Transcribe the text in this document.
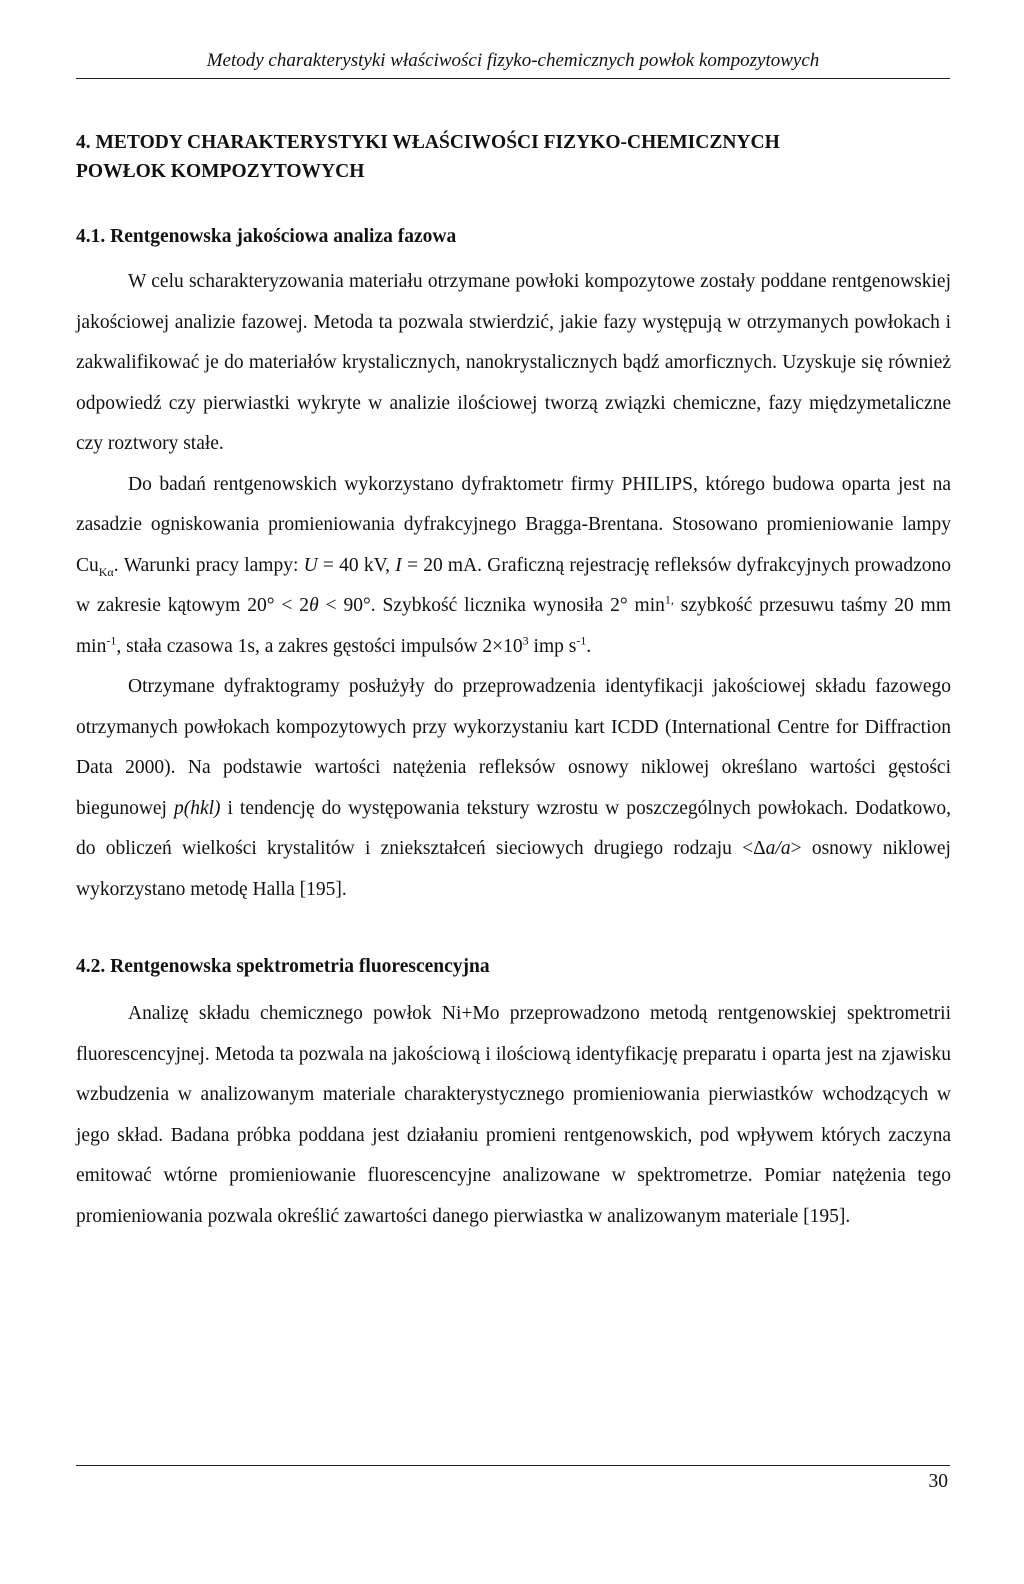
Metody charakterystyki właściwości fizyko-chemicznych powłok kompozytowych
4. METODY CHARAKTERYSTYKI WŁAŚCIWOŚCI FIZYKO-CHEMICZNYCH
POWŁOK KOMPOZYTOWYCH
4.1. Rentgenowska jakościowa analiza fazowa

W celu scharakteryzowania materiału otrzymane powłoki kompozytowe zostały poddane rentgenowskiej jakościowej analizie fazowej. Metoda ta pozwala stwierdzić, jakie fazy występują w otrzymanych powłokach i zakwalifikować je do materiałów krystalicznych, nanokrystalicznych bądź amorficznych. Uzyskuje się również odpowiedź czy pierwiastki wykryte w analizie ilościowej tworzą związki chemiczne, fazy międzymetaliczne czy roztwory stałe.

Do badań rentgenowskich wykorzystano dyfraktometr firmy PHILIPS, którego budowa oparta jest na zasadzie ogniskowania promieniowania dyfrakcyjnego Bragga-Brentana. Stosowano promieniowanie lampy $Cu_{K\alpha}$. Warunki pracy lampy: U = 40 kV, I = 20 mA. Graficzną rejestrację refleksów dyfrakcyjnych prowadzono w zakresie kątowym 20° < 2θ < 90°. Szybkość licznika wynosiła 2° $\min^{1,}$ szybkość przesuwu taśmy 20 mm $\min^{-1}$, stała czasowa 1s, a zakres gęstości impulsów $2\times 10^3$ imp $s^{-1}$.

Otrzymane dyfraktogramy posłużyły do przeprowadzenia identyfikacji jakościowej składu fazowego otrzymanych powłokach kompozytowych przy wykorzystaniu kart ICDD (International Centre for Diffraction Data 2000). Na podstawie wartości natężenia refleksów osnowy niklowej określano wartości gęstości biegunowej p(hkl) i tendencję do występowania tekstury wzrostu w poszczególnych powłokach. Dodatkowo, do obliczeń wielkości krystalitów i zniekształceń sieciowych drugiego rodzaju <Δa/a> osnowy niklowej wykorzystano metodę Halla [195].

4.2. Rentgenowska spektrometria fluorescencyjna

Analizę składu chemicznego powłok Ni+Mo przeprowadzono metodą rentgenowskiej spektrometrii fluorescencyjnej. Metoda ta pozwala na jakościową i ilościową identyfikację preparatu i oparta jest na zjawisku wzbudzenia w analizowanym materiale charakterystycznego promieniowania pierwiastków wchodzących w jego skład. Badana próbka poddana jest działaniu promieni rentgenowskich, pod wpływem których zaczyna emitować wtórne promieniowanie fluorescencyjne analizowane w spektrometrze. Pomiar natężenia tego promieniowania pozwala określić zawartości danego pierwiastka w analizowanym materiale [195].

30
